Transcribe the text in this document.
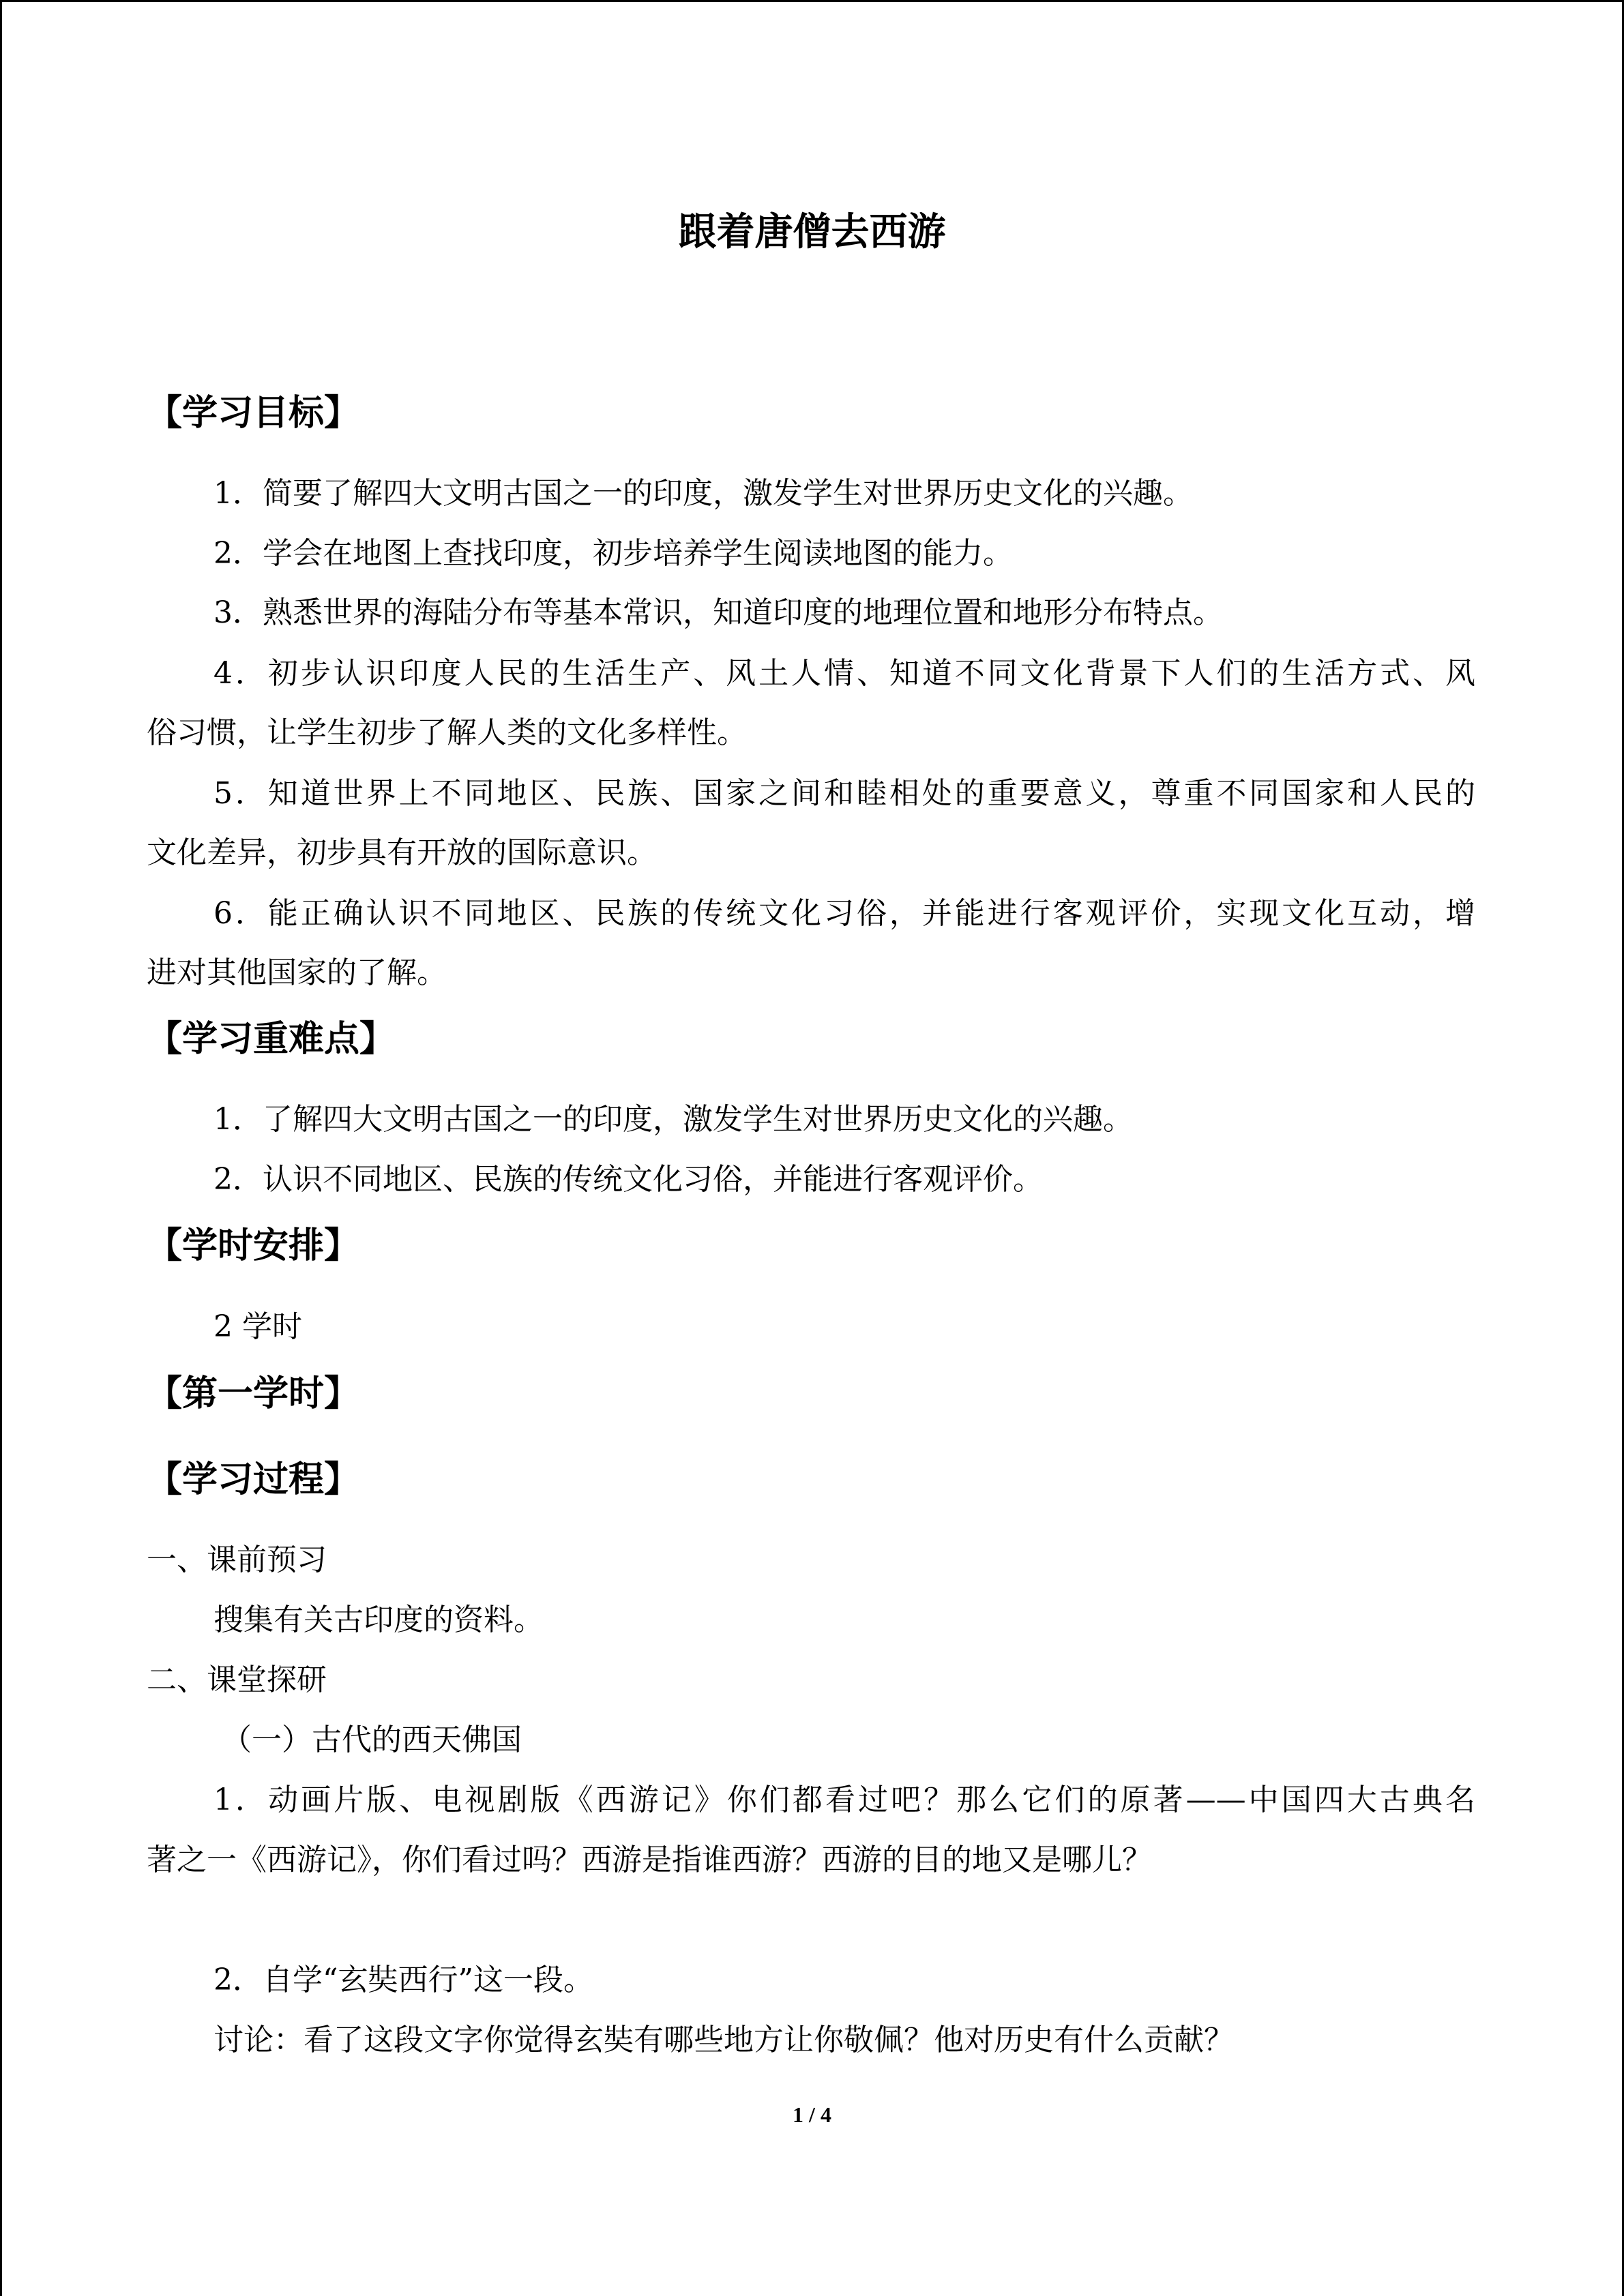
跟着唐僧去西游
【学习目标】
1．简要了解四大文明古国之一的印度，激发学生对世界历史文化的兴趣。
2．学会在地图上查找印度，初步培养学生阅读地图的能力。
3．熟悉世界的海陆分布等基本常识，知道印度的地理位置和地形分布特点。
4．初步认识印度人民的生活生产、风土人情、知道不同文化背景下人们的生活方式、风
俗习惯，让学生初步了解人类的文化多样性。
5．知道世界上不同地区、民族、国家之间和睦相处的重要意义，尊重不同国家和人民的
文化差异，初步具有开放的国际意识。
6．能正确认识不同地区、民族的传统文化习俗，并能进行客观评价，实现文化互动，增
进对其他国家的了解。
【学习重难点】
1．了解四大文明古国之一的印度，激发学生对世界历史文化的兴趣。
2．认识不同地区、民族的传统文化习俗，并能进行客观评价。
【学时安排】
2 学时
【第一学时】
【学习过程】
一、课前预习
搜集有关古印度的资料。
二、课堂探研
（一）古代的西天佛国
1．动画片版、电视剧版《西游记》你们都看过吧？那么它们的原著——中国四大古典名
著之一《西游记》，你们看过吗？西游是指谁西游？西游的目的地又是哪儿？
2．自学“玄奘西行”这一段。
讨论：看了这段文字你觉得玄奘有哪些地方让你敬佩？他对历史有什么贡献？
1 / 4
